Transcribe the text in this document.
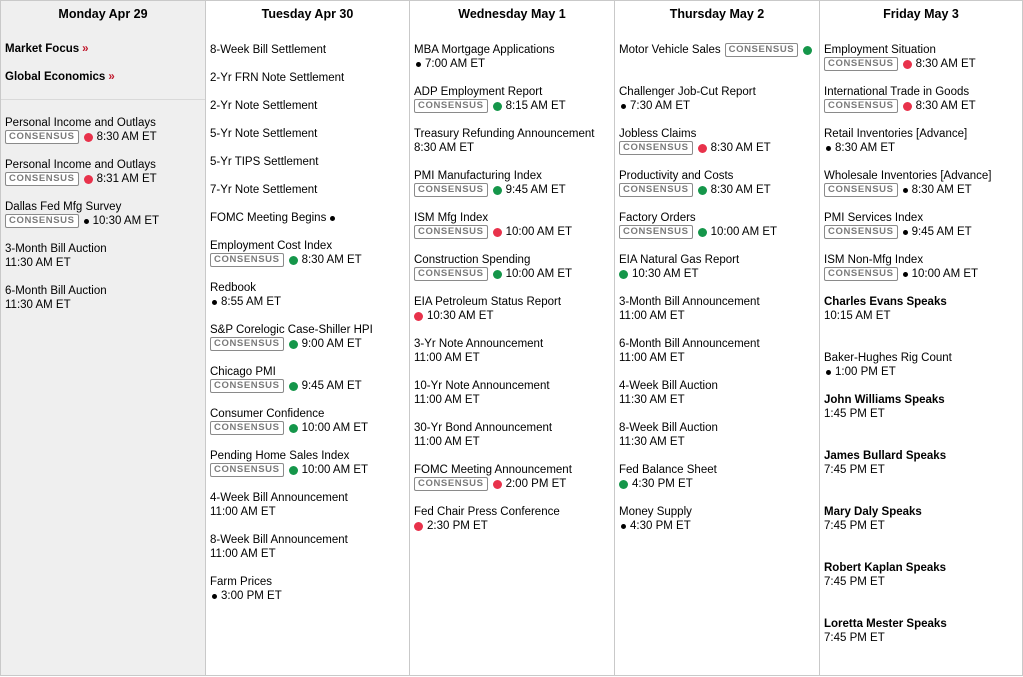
Monday Apr 29
Market Focus »
Global Economics »
Personal Income and Outlays
CONSENSUS	8:30 AM ET
Personal Income and Outlays
CONSENSUS	8:31 AM ET
Dallas Fed Mfg Survey
CONSENSUS	10:30 AM ET
3-Month Bill Auction
11:30 AM ET
6-Month Bill Auction
11:30 AM ET
Tuesday Apr 30
8-Week Bill Settlement
2-Yr FRN Note Settlement
2-Yr Note Settlement
5-Yr Note Settlement
5-Yr TIPS Settlement
7-Yr Note Settlement
FOMC Meeting Begins
Employment Cost Index
CONSENSUS	8:30 AM ET
Redbook
8:55 AM ET
S&P Corelogic Case-Shiller HPI
CONSENSUS	9:00 AM ET
Chicago PMI
CONSENSUS	9:45 AM ET
Consumer Confidence
CONSENSUS	10:00 AM ET
Pending Home Sales Index
CONSENSUS	10:00 AM ET
4-Week Bill Announcement
11:00 AM ET
8-Week Bill Announcement
11:00 AM ET
Farm Prices
3:00 PM ET
Wednesday May 1
MBA Mortgage Applications
7:00 AM ET
ADP Employment Report
CONSENSUS	8:15 AM ET
Treasury Refunding Announcement
8:30 AM ET
PMI Manufacturing Index
CONSENSUS	9:45 AM ET
ISM Mfg Index
CONSENSUS	10:00 AM ET
Construction Spending
CONSENSUS	10:00 AM ET
EIA Petroleum Status Report
10:30 AM ET
3-Yr Note Announcement
11:00 AM ET
10-Yr Note Announcement
11:00 AM ET
30-Yr Bond Announcement
11:00 AM ET
FOMC Meeting Announcement
CONSENSUS	2:00 PM ET
Fed Chair Press Conference
2:30 PM ET
Thursday May 2
Motor Vehicle Sales CONSENSUS
Challenger Job-Cut Report
7:30 AM ET
Jobless Claims
CONSENSUS	8:30 AM ET
Productivity and Costs
CONSENSUS	8:30 AM ET
Factory Orders
CONSENSUS	10:00 AM ET
EIA Natural Gas Report
10:30 AM ET
3-Month Bill Announcement
11:00 AM ET
6-Month Bill Announcement
11:00 AM ET
4-Week Bill Auction
11:30 AM ET
8-Week Bill Auction
11:30 AM ET
Fed Balance Sheet
4:30 PM ET
Money Supply
4:30 PM ET
Friday May 3
Employment Situation
CONSENSUS	8:30 AM ET
International Trade in Goods
CONSENSUS	8:30 AM ET
Retail Inventories [Advance]
8:30 AM ET
Wholesale Inventories [Advance]
CONSENSUS	8:30 AM ET
PMI Services Index
CONSENSUS	9:45 AM ET
ISM Non-Mfg Index
CONSENSUS	10:00 AM ET
Charles Evans Speaks
10:15 AM ET
Baker-Hughes Rig Count
1:00 PM ET
John Williams Speaks
1:45 PM ET
James Bullard Speaks
7:45 PM ET
Mary Daly Speaks
7:45 PM ET
Robert Kaplan Speaks
7:45 PM ET
Loretta Mester Speaks
7:45 PM ET
